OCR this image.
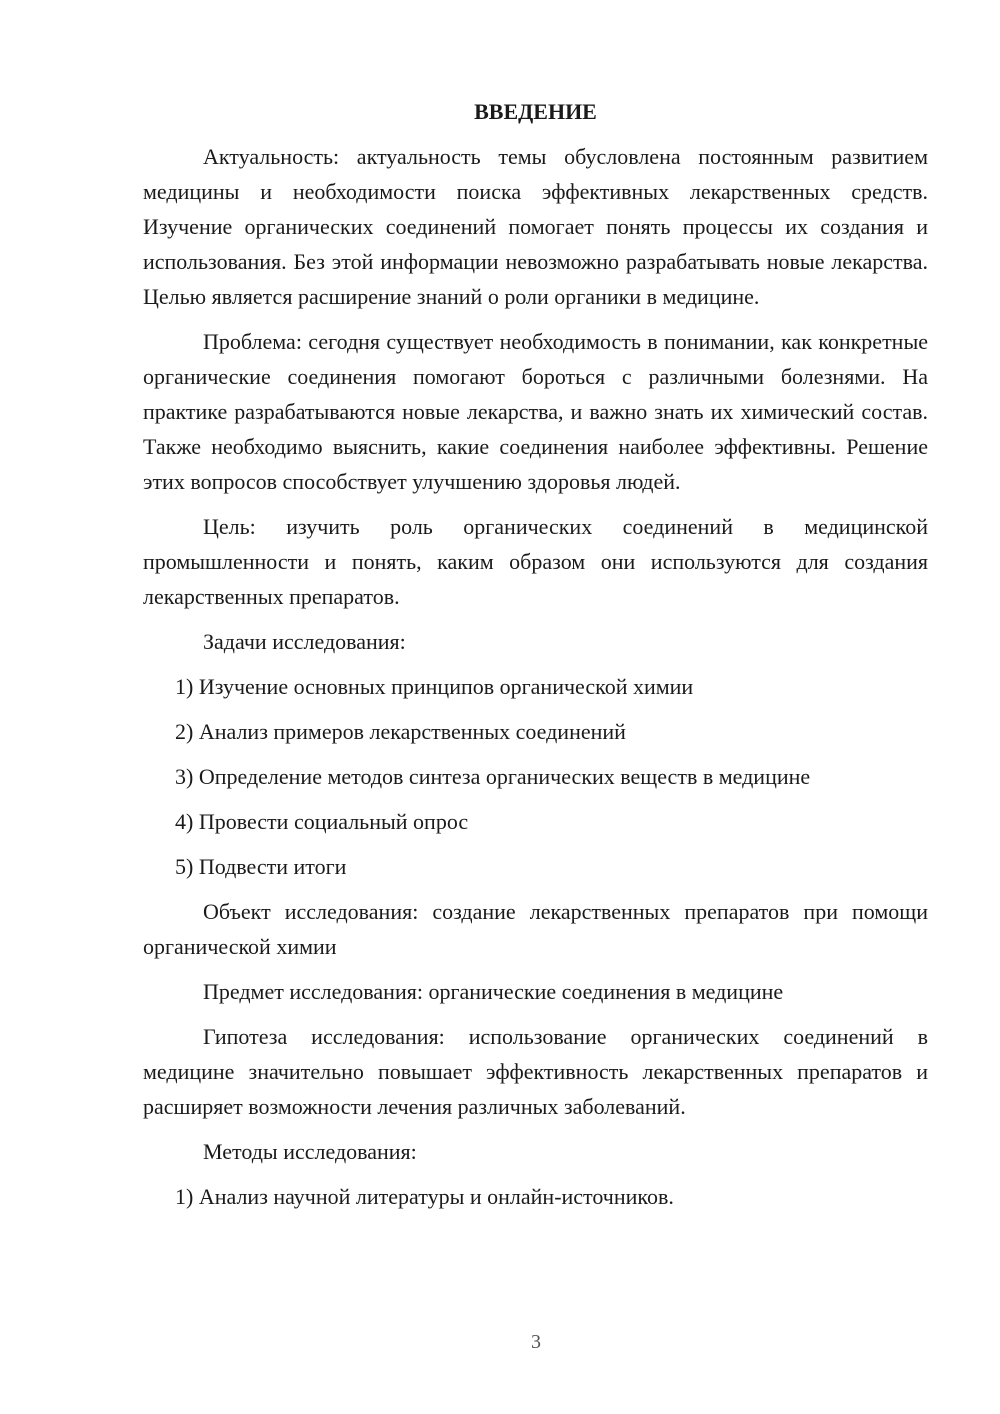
ВВЕДЕНИЕ

Актуальность: актуальность темы обусловлена постоянным развитием медицины и необходимости поиска эффективных лекарственных средств. Изучение органических соединений помогает понять процессы их создания и использования. Без этой информации невозможно разрабатывать новые лекарства. Целью является расширение знаний о роли органики в медицине.

Проблема: сегодня существует необходимость в понимании, как конкретные органические соединения помогают бороться с различными болезнями. На практике разрабатываются новые лекарства, и важно знать их химический состав. Также необходимо выяснить, какие соединения наиболее эффективны. Решение этих вопросов способствует улучшению здоровья людей.

Цель: изучить роль органических соединений в медицинской промышленности и понять, каким образом они используются для создания лекарственных препаратов.

Задачи исследования:
1) Изучение основных принципов органической химии
2) Анализ примеров лекарственных соединений
3) Определение методов синтеза органических веществ в медицине
4) Провести социальный опрос
5) Подвести итоги

Объект исследования: создание лекарственных препаратов при помощи органической химии

Предмет исследования: органические соединения в медицине

Гипотеза исследования: использование органических соединений в медицине значительно повышает эффективность лекарственных препаратов и расширяет возможности лечения различных заболеваний.

Методы исследования:
1) Анализ научной литературы и онлайн-источников.
3
